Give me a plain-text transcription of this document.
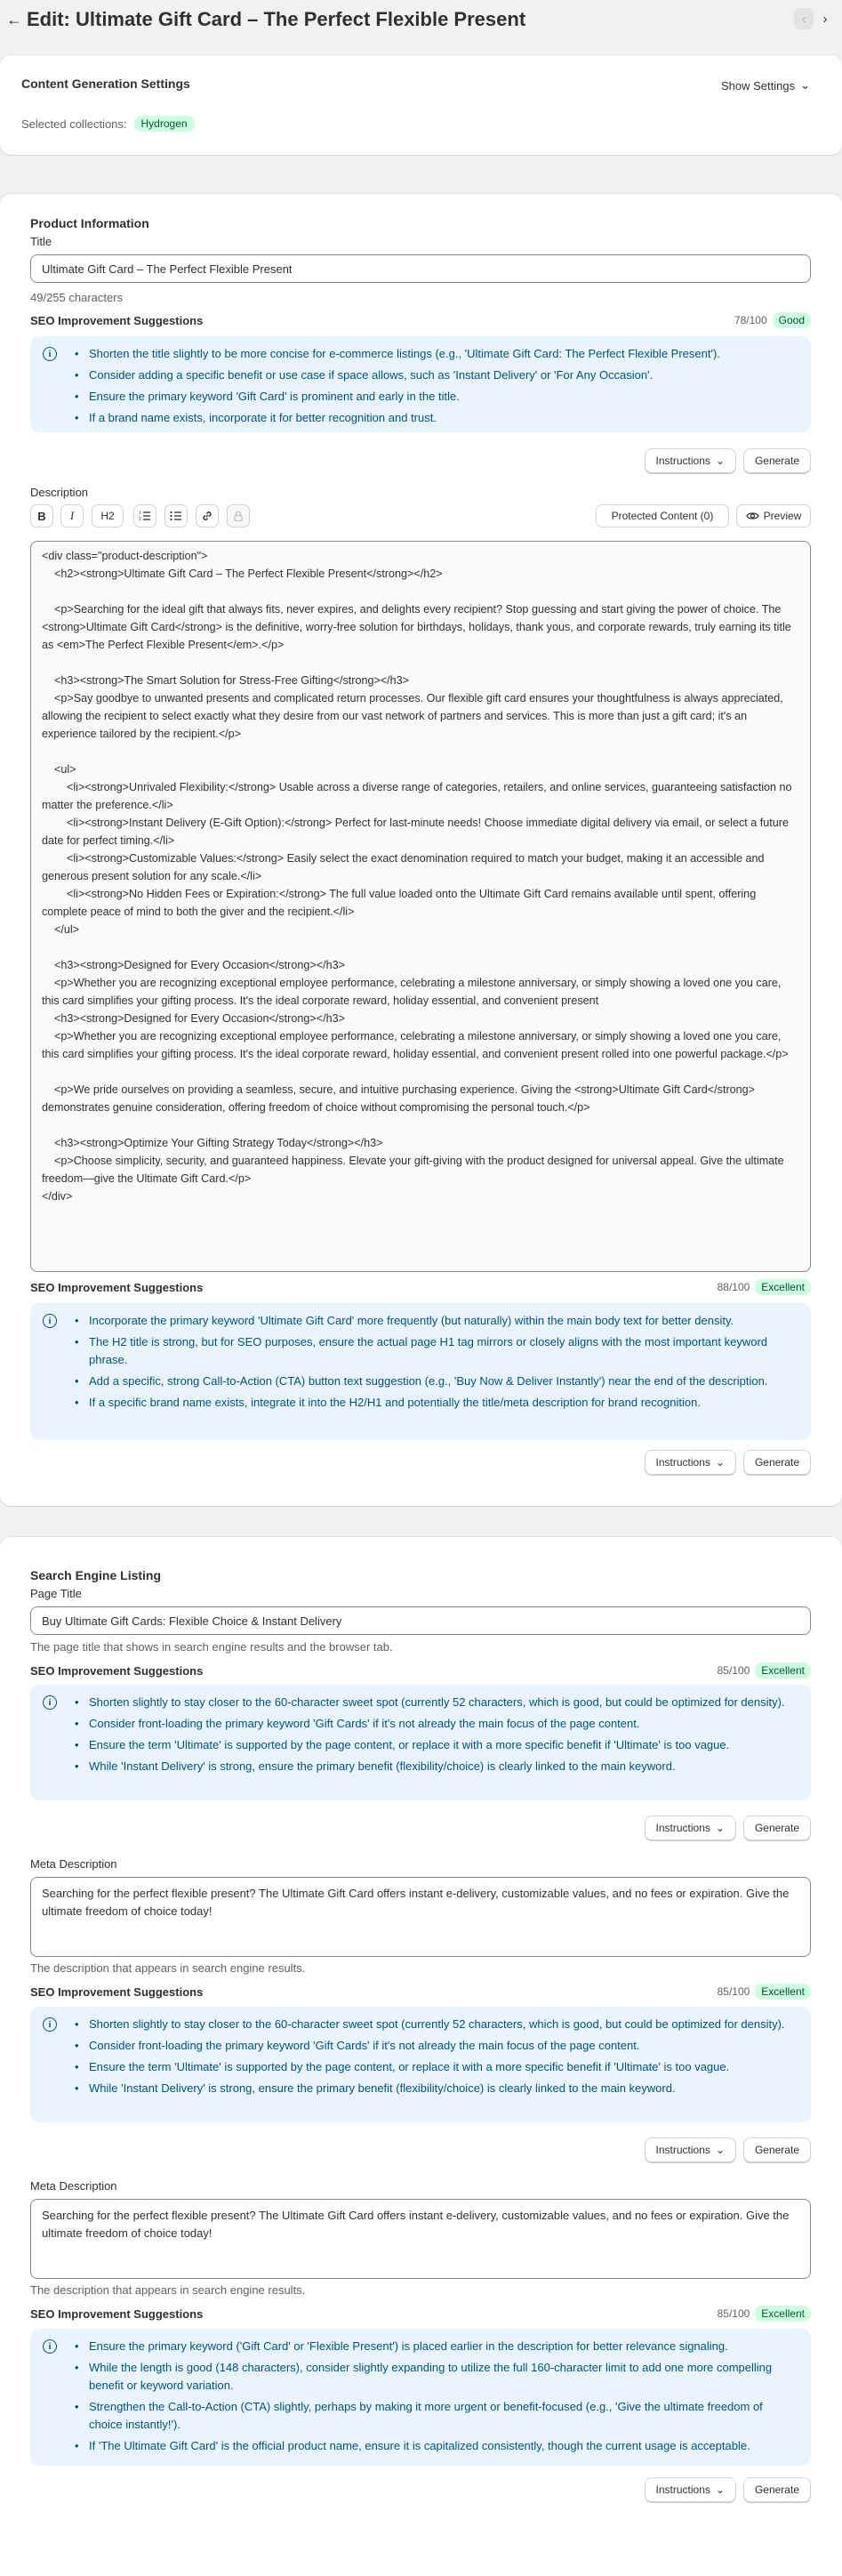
← Edit: Ultimate Gift Card – The Perfect Flexible Present	‹	›
Content Generation Settings	Show Settings ⌄
Selected collections:	Hydrogen
Product Information
Title
Ultimate Gift Card – The Perfect Flexible Present
49/255 characters
SEO Improvement Suggestions	78/100	Good
i	• Shorten the title slightly to be more concise for e-commerce listings (e.g., 'Ultimate Gift Card: The Perfect Flexible Present').
• Consider adding a specific benefit or use case if space allows, such as 'Instant Delivery' or 'For Any Occasion'.
• Ensure the primary keyword 'Gift Card' is prominent and early in the title.
• If a brand name exists, incorporate it for better recognition and trust.
Instructions ⌄	Generate
Description
B	I	H2	1
2	Protected Content (0)	Preview
<div class="product-description">
<h2><strong>Ultimate Gift Card – The Perfect Flexible Present</strong></h2>
<p>Searching for the ideal gift that always fits, never expires, and delights every recipient? Stop guessing and start giving the power of choice. The <strong>Ultimate Gift Card</strong> is the definitive, worry-free solution for birthdays, holidays, thank yous, and corporate rewards, truly earning its title as <em>The Perfect Flexible Present</em>.</p>
<h3><strong>The Smart Solution for Stress-Free Gifting</strong></h3>
<p>Say goodbye to unwanted presents and complicated return processes. Our flexible gift card ensures your thoughtfulness is always appreciated, allowing the recipient to select exactly what they desire from our vast network of partners and services. This is more than just a gift card; it's an experience tailored by the recipient.</p>
<ul>
<li><strong>Unrivaled Flexibility:</strong> Usable across a diverse range of categories, retailers, and online services, guaranteeing satisfaction no matter the preference.</li>
<li><strong>Instant Delivery (E-Gift Option):</strong> Perfect for last-minute needs! Choose immediate digital delivery via email, or select a future date for perfect timing.</li>
<li><strong>Customizable Values:</strong> Easily select the exact denomination required to match your budget, making it an accessible and generous present solution for any scale.</li>
<li><strong>No Hidden Fees or Expiration:</strong> The full value loaded onto the Ultimate Gift Card remains available until spent, offering complete peace of mind to both the giver and the recipient.</li>
</ul>
<h3><strong>Designed for Every Occasion</strong></h3>
<p>Whether you are recognizing exceptional employee performance, celebrating a milestone anniversary, or simply showing a loved one you care, this card simplifies your gifting process. It's the ideal corporate reward, holiday essential, and convenient present
<h3><strong>Designed for Every Occasion</strong></h3>
<p>Whether you are recognizing exceptional employee performance, celebrating a milestone anniversary, or simply showing a loved one you care, this card simplifies your gifting process. It's the ideal corporate reward, holiday essential, and convenient present rolled into one powerful package.</p>
<p>We pride ourselves on providing a seamless, secure, and intuitive purchasing experience. Giving the <strong>Ultimate Gift Card</strong> demonstrates genuine consideration, offering freedom of choice without compromising the personal touch.</p>
<h3><strong>Optimize Your Gifting Strategy Today</strong></h3>
<p>Choose simplicity, security, and guaranteed happiness. Elevate your gift-giving with the product designed for universal appeal. Give the ultimate freedom—give the Ultimate Gift Card.</p>
</div>
SEO Improvement Suggestions	88/100	Excellent
i	• Incorporate the primary keyword 'Ultimate Gift Card' more frequently (but naturally) within the main body text for better density.
• The H2 title is strong, but for SEO purposes, ensure the actual page H1 tag mirrors or closely aligns with the most important keyword phrase.
• Add a specific, strong Call-to-Action (CTA) button text suggestion (e.g., 'Buy Now & Deliver Instantly') near the end of the description.
• If a specific brand name exists, integrate it into the H2/H1 and potentially the title/meta description for brand recognition.
Instructions ⌄	Generate
Search Engine Listing
Page Title
Buy Ultimate Gift Cards: Flexible Choice & Instant Delivery
The page title that shows in search engine results and the browser tab.
SEO Improvement Suggestions	85/100	Excellent
i	• Shorten slightly to stay closer to the 60-character sweet spot (currently 52 characters, which is good, but could be optimized for density).
• Consider front-loading the primary keyword 'Gift Cards' if it's not already the main focus of the page content.
• Ensure the term 'Ultimate' is supported by the page content, or replace it with a more specific benefit if 'Ultimate' is too vague.
• While 'Instant Delivery' is strong, ensure the primary benefit (flexibility/choice) is clearly linked to the main keyword.
Instructions ⌄	Generate
Meta Description
Searching for the perfect flexible present? The Ultimate Gift Card offers instant e-delivery, customizable values, and no fees or expiration. Give the ultimate freedom of choice today!
The description that appears in search engine results.
SEO Improvement Suggestions	85/100	Excellent
i	• Shorten slightly to stay closer to the 60-character sweet spot (currently 52 characters, which is good, but could be optimized for density).
• Consider front-loading the primary keyword 'Gift Cards' if it's not already the main focus of the page content.
• Ensure the term 'Ultimate' is supported by the page content, or replace it with a more specific benefit if 'Ultimate' is too vague.
• While 'Instant Delivery' is strong, ensure the primary benefit (flexibility/choice) is clearly linked to the main keyword.
Instructions ⌄	Generate
Meta Description
Searching for the perfect flexible present? The Ultimate Gift Card offers instant e-delivery, customizable values, and no fees or expiration. Give the ultimate freedom of choice today!
The description that appears in search engine results.
SEO Improvement Suggestions	85/100	Excellent
i	• Ensure the primary keyword ('Gift Card' or 'Flexible Present') is placed earlier in the description for better relevance signaling.
• While the length is good (148 characters), consider slightly expanding to utilize the full 160-character limit to add one more compelling benefit or keyword variation.
• Strengthen the Call-to-Action (CTA) slightly, perhaps by making it more urgent or benefit-focused (e.g., 'Give the ultimate freedom of choice instantly!').
• If 'The Ultimate Gift Card' is the official product name, ensure it is capitalized consistently, though the current usage is acceptable.
Instructions ⌄	Generate
